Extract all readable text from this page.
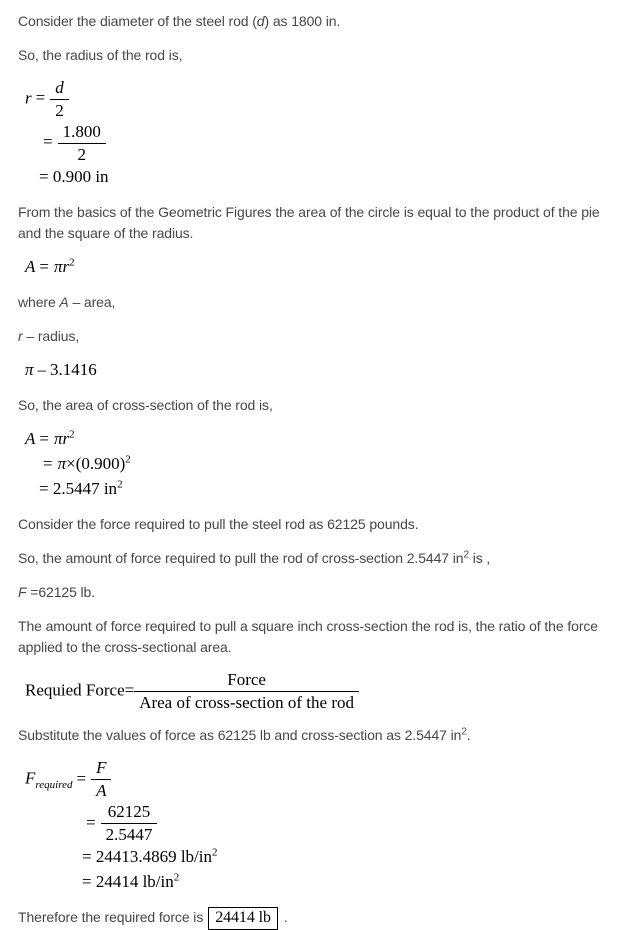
Consider the diameter of the steel rod (d) as 1800 in.

So, the radius of the rod is,

$r = \frac{d}{2}$
= $\frac{1.800}{2}$
= 0.900 in

From the basics of the Geometric Figures the area of the circle is equal to the product of the pie
and the square of the radius.

$A = \pi r^2$

where A – area,

r – radius,

π – 3.1416

So, the area of cross-section of the rod is,

$A = \pi r^2$
= $\pi\times(0.900)^2$
= 2.5447 $in^2$

Consider the force required to pull the steel rod as 62125 pounds.

So, the amount of force required to pull the rod of cross-section 2.5447 $in^2$ is ,

F =62125 lb.

The amount of force required to pull a square inch cross-section the rod is, the ratio of the force
applied to the cross-sectional area.

Requied Force= $\frac{\text{Force}}{\text{Area of cross-section of the rod}}$

Substitute the values of force as 62125 lb and cross-section as 2.5447 $in^2$.

$F_{required} = \frac{F}{A}$
= $\frac{62125}{2.5447}$
= 24413.4869 $lb/in^2$
= 24414 $lb/in^2$

Therefore the required force is 24414 lb .
